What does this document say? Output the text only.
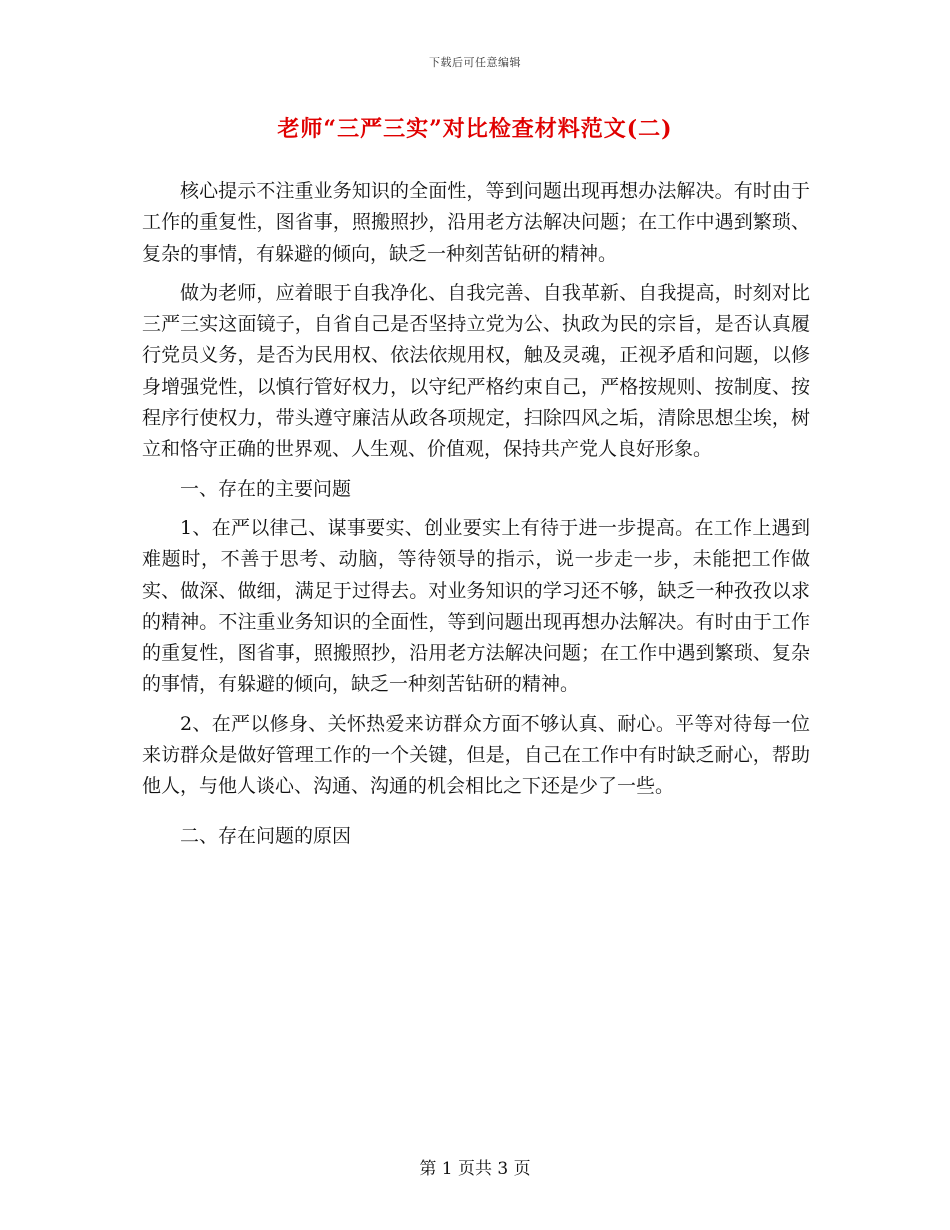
下载后可任意编辑
老师“三严三实”对比检查材料范文(二)

核心提示不注重业务知识的全面性，等到问题出现再想办法解决。有时由于工作的重复性，图省事，照搬照抄，沿用老方法解决问题；在工作中遇到繁琐、复杂的事情，有躲避的倾向，缺乏一种刻苦钻研的精神。

做为老师，应着眼于自我净化、自我完善、自我革新、自我提高，时刻对比三严三实这面镜子，自省自己是否坚持立党为公、执政为民的宗旨，是否认真履行党员义务，是否为民用权、依法依规用权，触及灵魂，正视矛盾和问题，以修身增强党性，以慎行管好权力，以守纪严格约束自己，严格按规则、按制度、按程序行使权力，带头遵守廉洁从政各项规定，扫除四风之垢，清除思想尘埃，树立和恪守正确的世界观、人生观、价值观，保持共产党人良好形象。

一、存在的主要问题

1、在严以律己、谋事要实、创业要实上有待于进一步提高。在工作上遇到难题时，不善于思考、动脑，等待领导的指示，说一步走一步，未能把工作做实、做深、做细，满足于过得去。对业务知识的学习还不够，缺乏一种孜孜以求的精神。不注重业务知识的全面性，等到问题出现再想办法解决。有时由于工作的重复性，图省事，照搬照抄，沿用老方法解决问题；在工作中遇到繁琐、复杂的事情，有躲避的倾向，缺乏一种刻苦钻研的精神。

2、在严以修身、关怀热爱来访群众方面不够认真、耐心。平等对待每一位来访群众是做好管理工作的一个关键，但是，自己在工作中有时缺乏耐心，帮助他人，与他人谈心、沟通、沟通的机会相比之下还是少了一些。

二、存在问题的原因

第 1 页共 3 页
